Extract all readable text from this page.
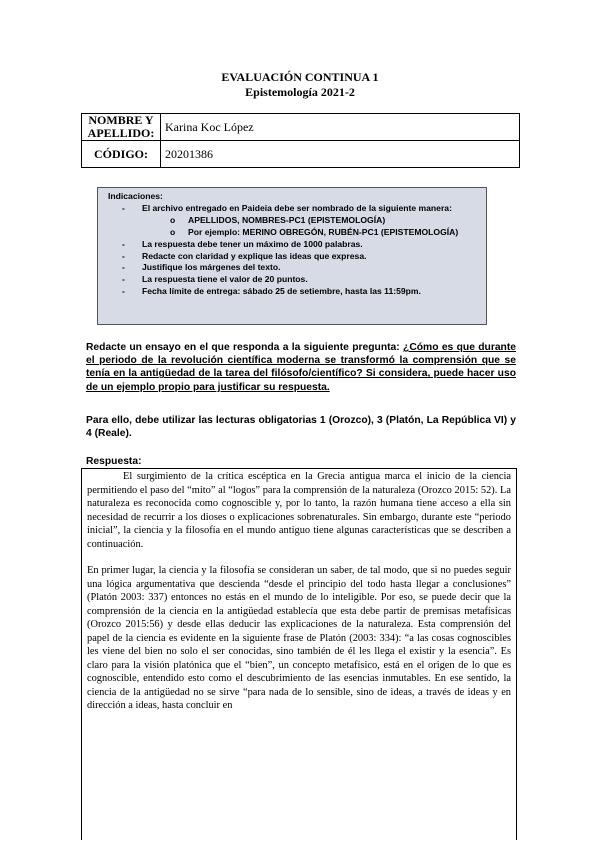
EVALUACIÓN CONTINUA 1
Epistemología 2021-2
NOMBRE Y APELLIDO:	Karina Koc López
CÓDIGO:	20201386
Indicaciones:
- El archivo entregado en Paideia debe ser nombrado de la siguiente manera:
o APELLIDOS, NOMBRES-PC1 (EPISTEMOLOGÍA)
o Por ejemplo: MERINO OBREGÓN, RUBÉN-PC1 (EPISTEMOLOGÍA)
- La respuesta debe tener un máximo de 1000 palabras.
- Redacte con claridad y explique las ideas que expresa.
- Justifique los márgenes del texto.
- La respuesta tiene el valor de 20 puntos.
- Fecha límite de entrega: sábado 25 de setiembre, hasta las 11:59pm.
Redacte un ensayo en el que responda a la siguiente pregunta: ¿Cómo es que durante el periodo de la revolución científica moderna se transformó la comprensión que se tenía en la antigüedad de la tarea del filósofo/científico? Si considera, puede hacer uso de un ejemplo propio para justificar su respuesta.
Para ello, debe utilizar las lecturas obligatorias 1 (Orozco), 3 (Platón, La República VI) y 4 (Reale).
Respuesta:

El surgimiento de la crítica escéptica en la Grecia antigua marca el inicio de la ciencia permitiendo el paso del “mito” al “logos” para la comprensión de la naturaleza (Orozco 2015: 52). La naturaleza es reconocida como cognoscible y, por lo tanto, la razón humana tiene acceso a ella sin necesidad de recurrir a los dioses o explicaciones sobrenaturales. Sin embargo, durante este “periodo inicial”, la ciencia y la filosofía en el mundo antiguo tiene algunas características que se describen a continuación.

En primer lugar, la ciencia y la filosofía se consideran un saber, de tal modo, que si no puedes seguir una lógica argumentativa que descienda “desde el principio del todo hasta llegar a conclusiones” (Platón 2003: 337) entonces no estás en el mundo de lo inteligible. Por eso, se puede decir que la comprensión de la ciencia en la antigüedad establecía que esta debe partir de premisas metafísicas (Orozco 2015:56) y desde ellas deducir las explicaciones de la naturaleza. Esta comprensión del papel de la ciencia es evidente en la siguiente frase de Platón (2003: 334): “a las cosas cognoscibles les viene del bien no solo el ser conocidas, sino también de él les llega el existir y la esencia”. Es claro para la visión platónica que el “bien”, un concepto metafísico, está en el origen de lo que es cognoscible, entendido esto como el descubrimiento de las esencias inmutables. En ese sentido, la ciencia de la antigüedad no se sirve “para nada de lo sensible, sino de ideas, a través de ideas y en dirección a ideas, hasta concluir en
